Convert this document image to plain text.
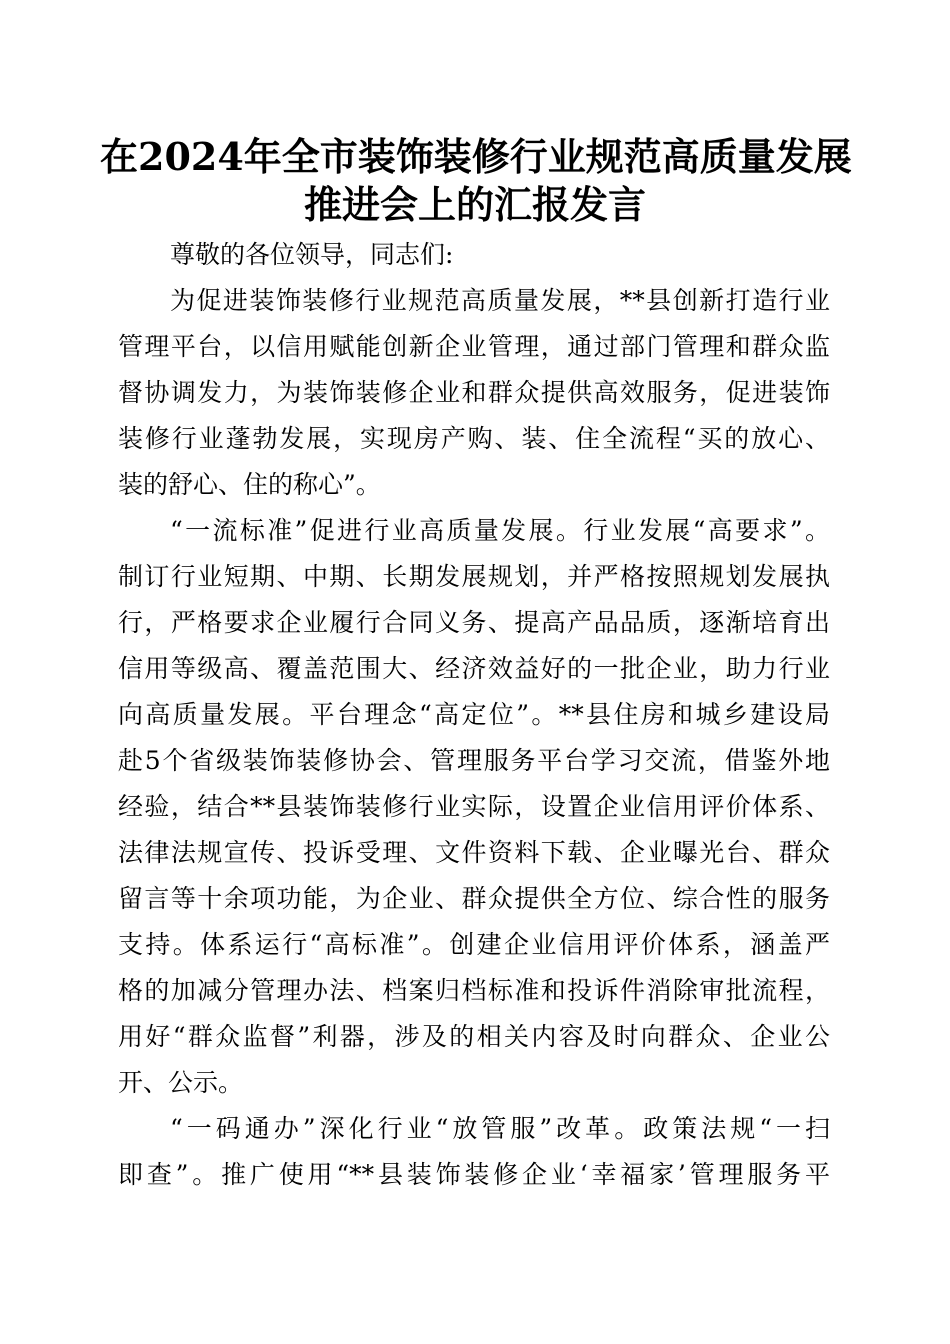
在2024年全市装饰装修行业规范高质量发展
推进会上的汇报发言
尊敬的各位领导，同志们:
为促进装饰装修行业规范高质量发展，**县创新打造行业
管理平台，以信用赋能创新企业管理，通过部门管理和群众监
督协调发力，为装饰装修企业和群众提供高效服务，促进装饰
装修行业蓬勃发展，实现房产购、装、住全流程“买的放心、
装的舒心、住的称心”。
“一流标准”促进行业高质量发展。行业发展“高要求”。
制订行业短期、中期、长期发展规划，并严格按照规划发展执
行，严格要求企业履行合同义务、提高产品品质，逐渐培育出
信用等级高、覆盖范围大、经济效益好的一批企业，助力行业
向高质量发展。平台理念“高定位”。**县住房和城乡建设局
赴5个省级装饰装修协会、管理服务平台学习交流，借鉴外地
经验，结合**县装饰装修行业实际，设置企业信用评价体系、
法律法规宣传、投诉受理、文件资料下载、企业曝光台、群众
留言等十余项功能，为企业、群众提供全方位、综合性的服务
支持。体系运行“高标准”。创建企业信用评价体系，涵盖严
格的加减分管理办法、档案归档标准和投诉件消除审批流程，
用好“群众监督”利器，涉及的相关内容及时向群众、企业公
开、公示。
“一码通办”深化行业“放管服”改革。政策法规“一扫
即查”。推广使用“**县装饰装修企业‘幸福家’管理服务平
